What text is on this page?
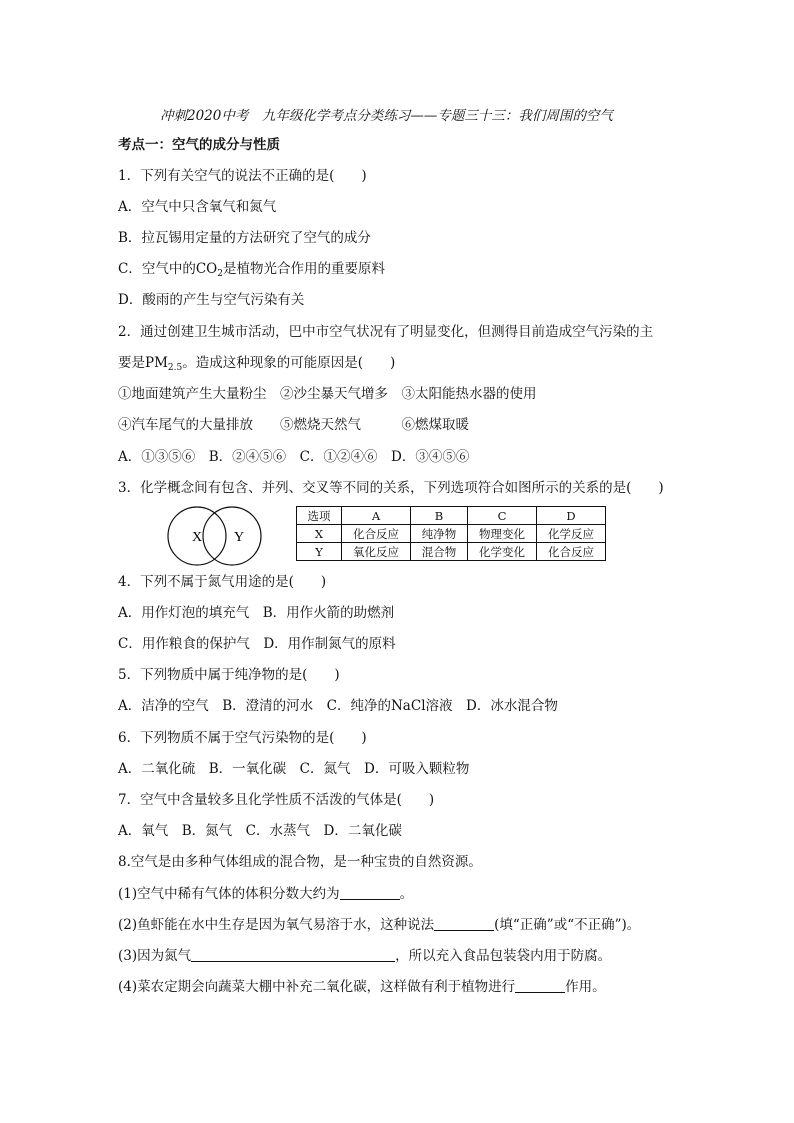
冲刺2020中考　九年级化学考点分类练习——专题三十三：我们周围的空气
考点一：空气的成分与性质
1．下列有关空气的说法不正确的是(　　)
A．空气中只含氧气和氮气
B．拉瓦锡用定量的方法研究了空气的成分
C．空气中的$CO_2$是植物光合作用的重要原料
D．酸雨的产生与空气污染有关
2．通过创建卫生城市活动，巴中市空气状况有了明显变化，但测得目前造成空气污染的主
要是$PM_{2.5}$。造成这种现象的可能原因是(　　)
①地面建筑产生大量粉尘　②沙尘暴天气增多　③太阳能热水器的使用
④汽车尾气的大量排放　　⑤燃烧天然气　　　⑥燃煤取暖
A．①③⑤⑥　B．②④⑤⑥　C．①②④⑥　D．③④⑤⑥
3．化学概念间有包含、并列、交叉等不同的关系，下列选项符合如图所示的关系的是(　　)
X Y
选项	A	B	C	D
X	化合反应	纯净物	物理变化	化学反应
Y	氧化反应	混合物	化学变化	化合反应
4．下列不属于氮气用途的是(　　)
A．用作灯泡的填充气　B．用作火箭的助燃剂
C．用作粮食的保护气　D．用作制氮气的原料
5．下列物质中属于纯净物的是(　　)
A．洁净的空气　B．澄清的河水　C．纯净的NaCl溶液　D．冰水混合物
6．下列物质不属于空气污染物的是(　　)
A．二氧化硫　B．一氧化碳　C．氮气　D．可吸入颗粒物
7．空气中含量较多且化学性质不活泼的气体是(　　)
A．氧气　B．氮气　C．水蒸气　D．二氧化碳
8.空气是由多种气体组成的混合物，是一种宝贵的自然资源。
(1)空气中稀有气体的体积分数大约为	。
(2)鱼虾能在水中生存是因为氧气易溶于水，这种说法	(填“正确”或“不正确”)。
(3)因为氮气	，所以充入食品包装袋内用于防腐。
(4)菜农定期会向蔬菜大棚中补充二氧化碳，这样做有利于植物进行	作用。
